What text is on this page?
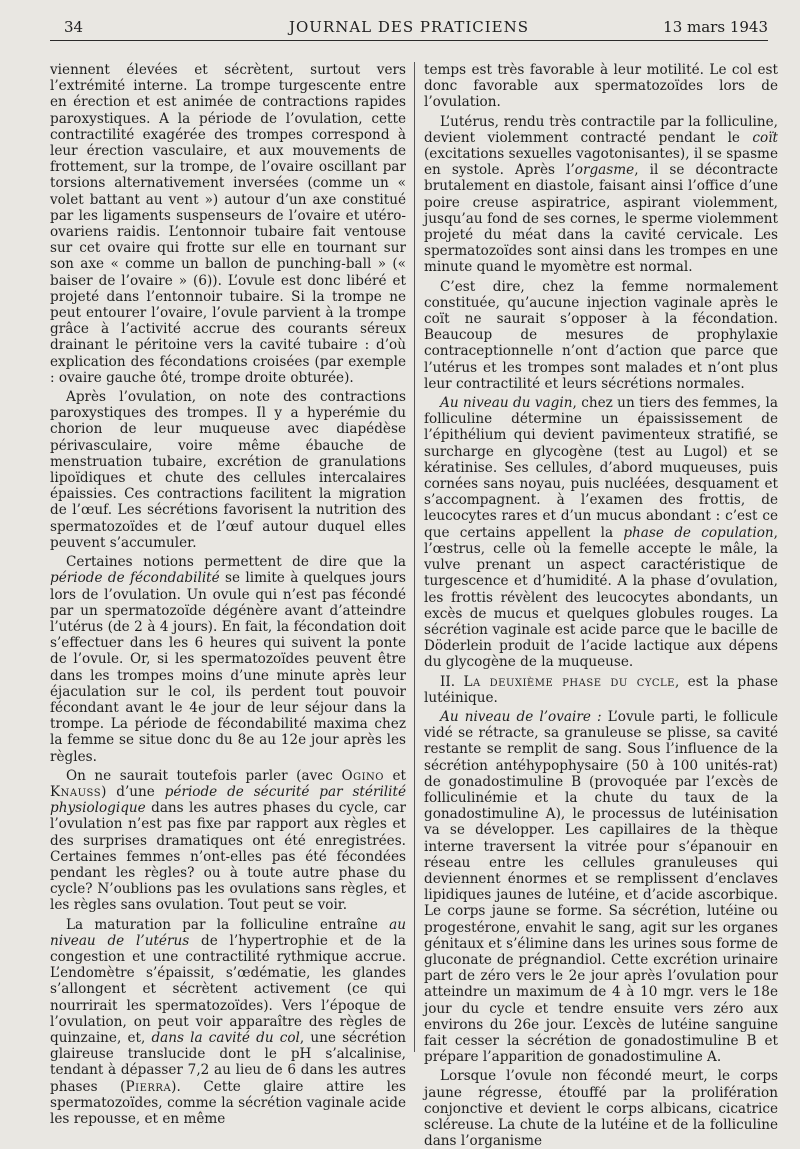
34	JOURNAL DES PRATICIENS	13 mars 1943

viennent élevées et sécrètent, surtout vers l’extrémité interne. La trompe turgescente entre en érection et est animée de contractions rapides paroxystiques. A la période de l’ovulation, cette contractilité exagérée des trompes correspond à leur érection vasculaire, et aux mouvements de frottement, sur la trompe, de l’ovaire oscillant par torsions alternativement inversées (comme un « volet battant au vent ») autour d’un axe constitué par les ligaments suspenseurs de l’ovaire et utéro-ovariens raidis. L’entonnoir tubaire fait ventouse sur cet ovaire qui frotte sur elle en tournant sur son axe « comme un ballon de punching-ball » (« baiser de l’ovaire » (6)). L’ovule est donc libéré et projeté dans l’entonnoir tubaire. Si la trompe ne peut entourer l’ovaire, l’ovule parvient à la trompe grâce à l’activité accrue des courants séreux drainant le péritoine vers la cavité tubaire : d’où explication des fécondations croisées (par exemple : ovaire gauche ôté, trompe droite obturée).

Après l’ovulation, on note des contractions paroxystiques des trompes. Il y a hyperémie du chorion de leur muqueuse avec diapédèse périvasculaire, voire même ébauche de menstruation tubaire, excrétion de granulations lipoïdiques et chute des cellules intercalaires épaissies. Ces contractions facilitent la migration de l’œuf. Les sécrétions favorisent la nutrition des spermatozoïdes et de l’œuf autour duquel elles peuvent s’accumuler.

Certaines notions permettent de dire que la période de fécondabilité se limite à quelques jours lors de l’ovulation. Un ovule qui n’est pas fécondé par un spermatozoïde dégénère avant d’atteindre l’utérus (de 2 à 4 jours). En fait, la fécondation doit s’effectuer dans les 6 heures qui suivent la ponte de l’ovule. Or, si les spermatozoïdes peuvent être dans les trompes moins d’une minute après leur éjaculation sur le col, ils perdent tout pouvoir fécondant avant le 4e jour de leur séjour dans la trompe. La période de fécondabilité maxima chez la femme se situe donc du 8e au 12e jour après les règles.

On ne saurait toutefois parler (avec Ogino et Knauss) d’une période de sécurité par stérilité physiologique dans les autres phases du cycle, car l’ovulation n’est pas fixe par rapport aux règles et des surprises dramatiques ont été enregistrées. Certaines femmes n’ont-elles pas été fécondées pendant les règles? ou à toute autre phase du cycle? N’oublions pas les ovulations sans règles, et les règles sans ovulation. Tout peut se voir.

La maturation par la folliculine entraîne au niveau de l’utérus de l’hypertrophie et de la congestion et une contractilité rythmique accrue. L’endomètre s’épaissit, s’œdématie, les glandes s’allongent et sécrètent activement (ce qui nourrirait les spermatozoïdes). Vers l’époque de l’ovulation, on peut voir apparaître des règles de quinzaine, et, dans la cavité du col, une sécrétion glaireuse translucide dont le pH s’alcalinise, tendant à dépasser 7,2 au lieu de 6 dans les autres phases (Pierra). Cette glaire attire les spermatozoïdes, comme la sécrétion vaginale acide les repousse, et en même

temps est très favorable à leur motilité. Le col est donc favorable aux spermatozoïdes lors de l’ovulation.

L’utérus, rendu très contractile par la folliculine, devient violemment contracté pendant le coït (excitations sexuelles vagotonisantes), il se spasme en systole. Après l’orgasme, il se décontracte brutalement en diastole, faisant ainsi l’office d’une poire creuse aspiratrice, aspirant violemment, jusqu’au fond de ses cornes, le sperme violemment projeté du méat dans la cavité cervicale. Les spermatozoïdes sont ainsi dans les trompes en une minute quand le myomètre est normal.

C’est dire, chez la femme normalement constituée, qu’aucune injection vaginale après le coït ne saurait s’opposer à la fécondation. Beaucoup de mesures de prophylaxie contraceptionnelle n’ont d’action que parce que l’utérus et les trompes sont malades et n’ont plus leur contractilité et leurs sécrétions normales.

Au niveau du vagin, chez un tiers des femmes, la folliculine détermine un épaississement de l’épithélium qui devient pavimenteux stratifié, se surcharge en glycogène (test au Lugol) et se kératinise. Ses cellules, d’abord muqueuses, puis cornées sans noyau, puis nucléées, desquament et s’accompagnent. à l’examen des frottis, de leucocytes rares et d’un mucus abondant : c’est ce que certains appellent la phase de copulation, l’œstrus, celle où la femelle accepte le mâle, la vulve prenant un aspect caractéristique de turgescence et d’humidité. A la phase d’ovulation, les frottis révèlent des leucocytes abondants, un excès de mucus et quelques globules rouges. La sécrétion vaginale est acide parce que le bacille de Döderlein produit de l’acide lactique aux dépens du glycogène de la muqueuse.

II. La deuxième phase du cycle, est la phase lutéinique.

Au niveau de l’ovaire : L’ovule parti, le follicule vidé se rétracte, sa granuleuse se plisse, sa cavité restante se remplit de sang. Sous l’influence de la sécrétion antéhypophysaire (50 à 100 unités-rat) de gonadostimuline B (provoquée par l’excès de folliculinémie et la chute du taux de la gonadostimuline A), le processus de lutéinisation va se développer. Les capillaires de la thèque interne traversent la vitrée pour s’épanouir en réseau entre les cellules granuleuses qui deviennent énormes et se remplissent d’enclaves lipidiques jaunes de lutéine, et d’acide ascorbique. Le corps jaune se forme. Sa sécrétion, lutéine ou progestérone, envahit le sang, agit sur les organes génitaux et s’élimine dans les urines sous forme de gluconate de prégnandiol. Cette excrétion urinaire part de zéro vers le 2e jour après l’ovulation pour atteindre un maximum de 4 à 10 mgr. vers le 18e jour du cycle et tendre ensuite vers zéro aux environs du 26e jour. L’excès de lutéine sanguine fait cesser la sécrétion de gonadostimuline B et prépare l’apparition de gonadostimuline A.

Lorsque l’ovule non fécondé meurt, le corps jaune régresse, étouffé par la prolifération conjonctive et devient le corps albicans, cicatrice scléreuse. La chute de la lutéine et de la folliculine dans l’organisme
